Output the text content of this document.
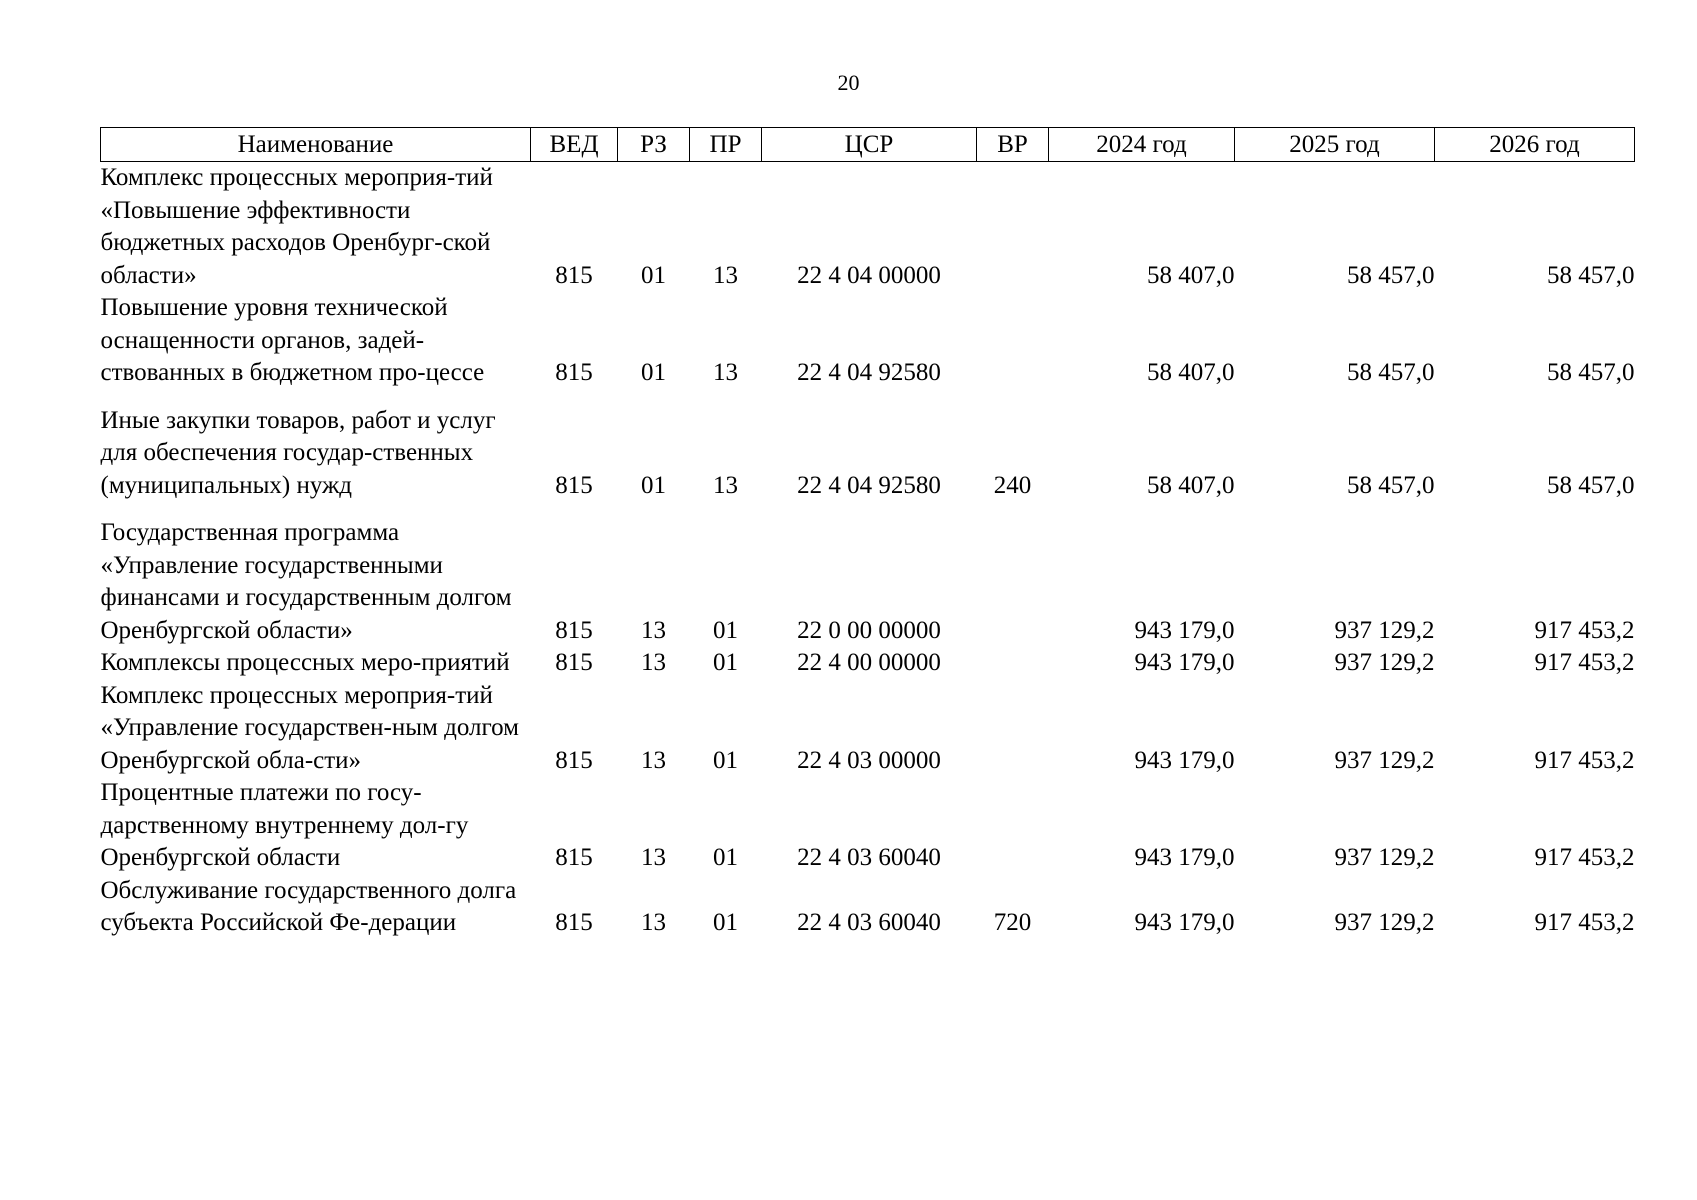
20
Наименование	ВЕД	РЗ	ПР	ЦСР	ВР	2024 год	2025 год	2026 год
Комплекс процессных мероприя-тий «Повышение эффективности бюджетных расходов Оренбург-ской области»	815	01	13	22 4 04 00000		58 407,0	58 457,0	58 457,0
Повышение уровня технической оснащенности органов, задей-ствованных в бюджетном про-цессе	815	01	13	22 4 04 92580		58 407,0	58 457,0	58 457,0
Иные закупки товаров, работ и услуг для обеспечения государ-ственных (муниципальных) нужд	815	01	13	22 4 04 92580	240	58 407,0	58 457,0	58 457,0
Государственная программа «Управление государственными финансами и государственным долгом Оренбургской области»	815	13	01	22 0 00 00000		943 179,0	937 129,2	917 453,2
Комплексы процессных меро-приятий	815	13	01	22 4 00 00000		943 179,0	937 129,2	917 453,2
Комплекс процессных мероприя-тий «Управление государствен-ным долгом Оренбургской обла-сти»	815	13	01	22 4 03 00000		943 179,0	937 129,2	917 453,2
Процентные платежи по госу-дарственному внутреннему дол-гу Оренбургской области	815	13	01	22 4 03 60040		943 179,0	937 129,2	917 453,2
Обслуживание государственного долга субъекта Российской Фе-дерации	815	13	01	22 4 03 60040	720	943 179,0	937 129,2	917 453,2
